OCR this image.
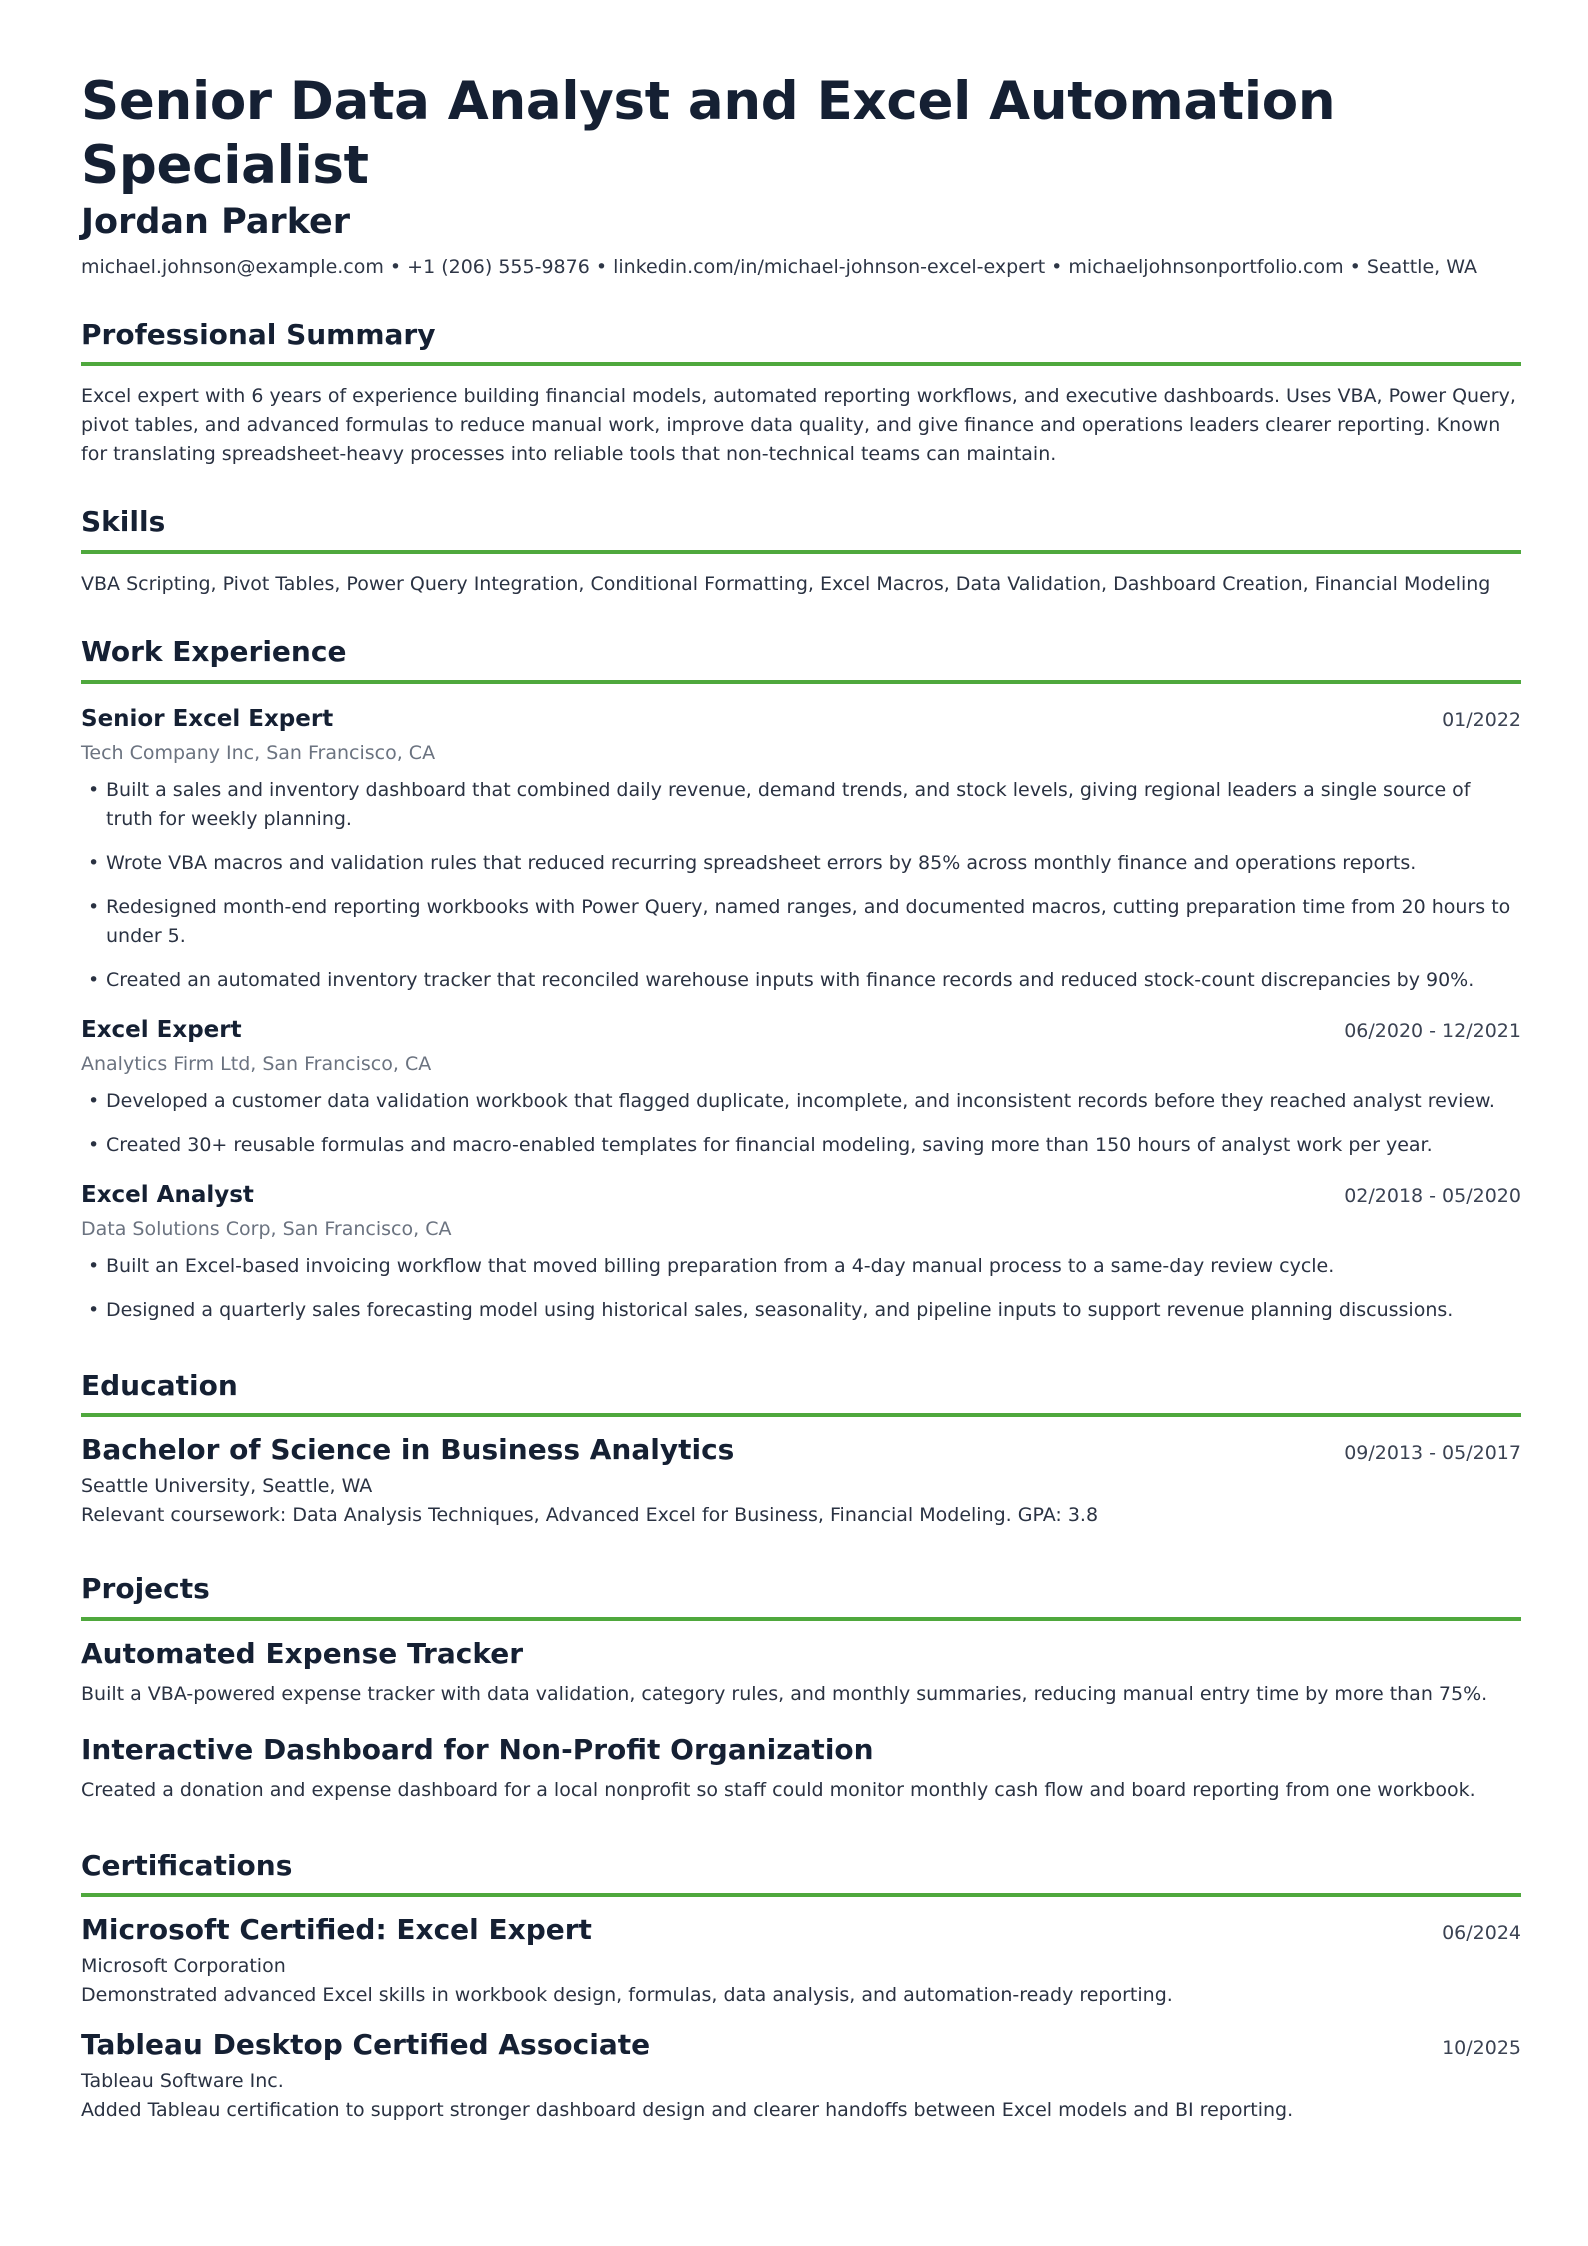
Senior Data Analyst and Excel Automation Specialist
Jordan Parker
michael.johnson@example.com • +1 (206) 555-9876 • linkedin.com/in/michael-johnson-excel-expert • michaeljohnsonportfolio.com • Seattle, WA
Professional Summary

Excel expert with 6 years of experience building financial models, automated reporting workflows, and executive dashboards. Uses VBA, Power Query, pivot tables, and advanced formulas to reduce manual work, improve data quality, and give finance and operations leaders clearer reporting. Known for translating spreadsheet-heavy processes into reliable tools that non-technical teams can maintain.

Skills

VBA Scripting, Pivot Tables, Power Query Integration, Conditional Formatting, Excel Macros, Data Validation, Dashboard Creation, Financial Modeling

Work Experience
Senior Excel Expert	01/2022
Tech Company Inc, San Francisco, CA
• Built a sales and inventory dashboard that combined daily revenue, demand trends, and stock levels, giving regional leaders a single source of truth for weekly planning.
• Wrote VBA macros and validation rules that reduced recurring spreadsheet errors by 85% across monthly finance and operations reports.
• Redesigned month-end reporting workbooks with Power Query, named ranges, and documented macros, cutting preparation time from 20 hours to under 5.
• Created an automated inventory tracker that reconciled warehouse inputs with finance records and reduced stock-count discrepancies by 90%.
Excel Expert	06/2020 - 12/2021
Analytics Firm Ltd, San Francisco, CA
• Developed a customer data validation workbook that flagged duplicate, incomplete, and inconsistent records before they reached analyst review.
• Created 30+ reusable formulas and macro-enabled templates for financial modeling, saving more than 150 hours of analyst work per year.
Excel Analyst	02/2018 - 05/2020
Data Solutions Corp, San Francisco, CA
• Built an Excel-based invoicing workflow that moved billing preparation from a 4-day manual process to a same-day review cycle.
• Designed a quarterly sales forecasting model using historical sales, seasonality, and pipeline inputs to support revenue planning discussions.
Education
Bachelor of Science in Business Analytics	09/2013 - 05/2017
Seattle University, Seattle, WA
Relevant coursework: Data Analysis Techniques, Advanced Excel for Business, Financial Modeling. GPA: 3.8
Projects
Automated Expense Tracker
Built a VBA-powered expense tracker with data validation, category rules, and monthly summaries, reducing manual entry time by more than 75%.
Interactive Dashboard for Non-Profit Organization
Created a donation and expense dashboard for a local nonprofit so staff could monitor monthly cash flow and board reporting from one workbook.
Certifications
Microsoft Certified: Excel Expert	06/2024
Microsoft Corporation
Demonstrated advanced Excel skills in workbook design, formulas, data analysis, and automation-ready reporting.
Tableau Desktop Certified Associate	10/2025
Tableau Software Inc.
Added Tableau certification to support stronger dashboard design and clearer handoffs between Excel models and BI reporting.
